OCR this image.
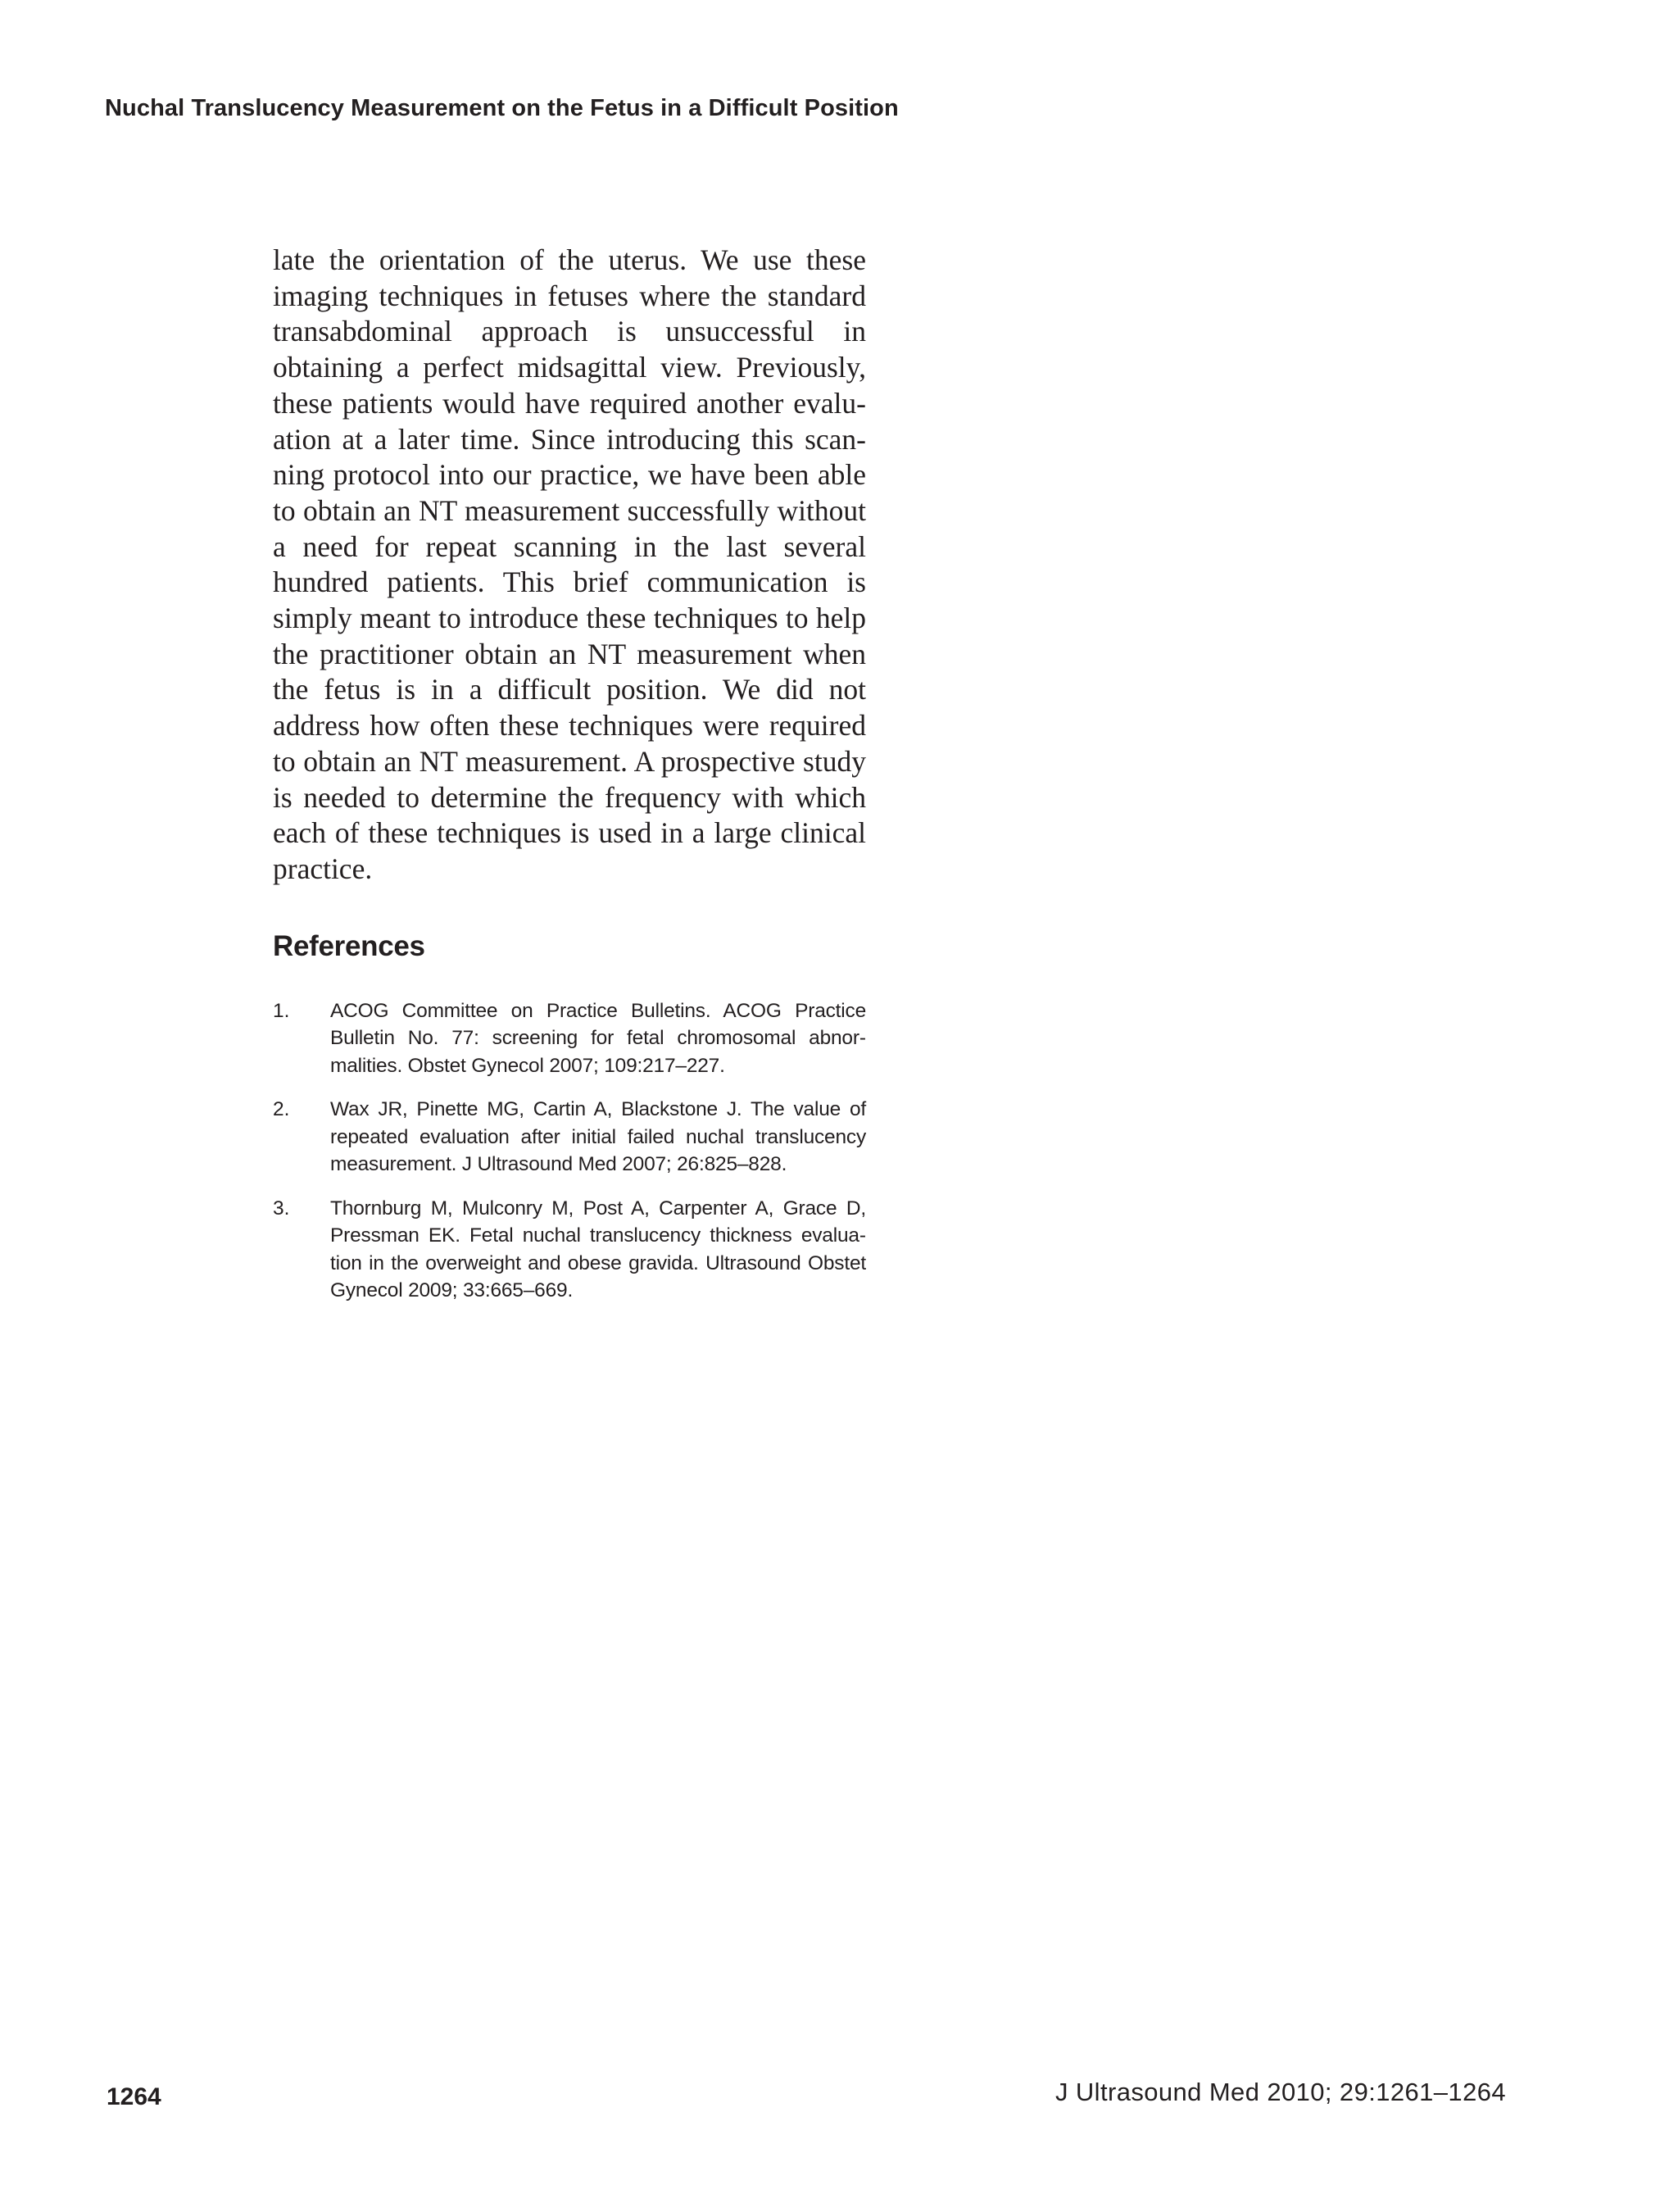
Nuchal Translucency Measurement on the Fetus in a Difficult Position

late the orientation of the uterus. We use these imaging techniques in fetuses where the standard transabdominal approach is unsuccessful in obtaining a perfect midsagittal view. Previously, these patients would have required another evaluation at a later time. Since introducing this scanning protocol into our practice, we have been able to obtain an NT measurement successfully without a need for repeat scanning in the last several hundred patients. This brief communication is simply meant to introduce these techniques to help the practitioner obtain an NT measurement when the fetus is in a difficult position. We did not address how often these techniques were required to obtain an NT measurement. A prospective study is needed to determine the frequency with which each of these techniques is used in a large clinical practice.

References
1. ACOG Committee on Practice Bulletins. ACOG Practice Bulletin No. 77: screening for fetal chromosomal abnormalities. Obstet Gynecol 2007; 109:217–227.
2. Wax JR, Pinette MG, Cartin A, Blackstone J. The value of repeated evaluation after initial failed nuchal translucency measurement. J Ultrasound Med 2007; 26:825–828.
3. Thornburg M, Mulconry M, Post A, Carpenter A, Grace D, Pressman EK. Fetal nuchal translucency thickness evaluation in the overweight and obese gravida. Ultrasound Obstet Gynecol 2009; 33:665–669.
1264	J Ultrasound Med 2010; 29:1261–1264
